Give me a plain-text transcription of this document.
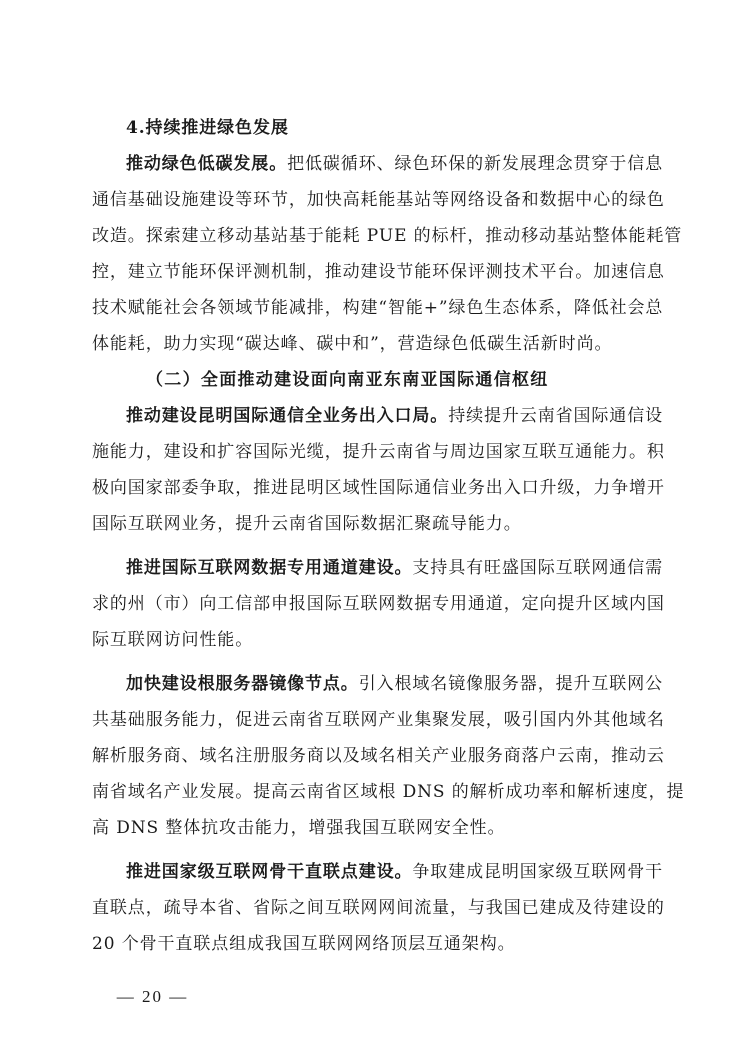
4.持续推进绿色发展
推动绿色低碳发展。把低碳循环、绿色环保的新发展理念贯穿于信息
通信基础设施建设等环节，加快高耗能基站等网络设备和数据中心的绿色
改造。探索建立移动基站基于能耗 PUE 的标杆，推动移动基站整体能耗管
控，建立节能环保评测机制，推动建设节能环保评测技术平台。加速信息
技术赋能社会各领域节能减排，构建“智能+”绿色生态体系，降低社会总
体能耗，助力实现“碳达峰、碳中和”，营造绿色低碳生活新时尚。
（二）全面推动建设面向南亚东南亚国际通信枢纽
推动建设昆明国际通信全业务出入口局。持续提升云南省国际通信设
施能力，建设和扩容国际光缆，提升云南省与周边国家互联互通能力。积
极向国家部委争取，推进昆明区域性国际通信业务出入口升级，力争增开
国际互联网业务，提升云南省国际数据汇聚疏导能力。
推进国际互联网数据专用通道建设。支持具有旺盛国际互联网通信需
求的州（市）向工信部申报国际互联网数据专用通道，定向提升区域内国
际互联网访问性能。
加快建设根服务器镜像节点。引入根域名镜像服务器，提升互联网公
共基础服务能力，促进云南省互联网产业集聚发展，吸引国内外其他域名
解析服务商、域名注册服务商以及域名相关产业服务商落户云南，推动云
南省域名产业发展。提高云南省区域根 DNS 的解析成功率和解析速度，提
高 DNS 整体抗攻击能力，增强我国互联网安全性。
推进国家级互联网骨干直联点建设。争取建成昆明国家级互联网骨干
直联点，疏导本省、省际之间互联网网间流量，与我国已建成及待建设的
20 个骨干直联点组成我国互联网网络顶层互通架构。
— 20 —
